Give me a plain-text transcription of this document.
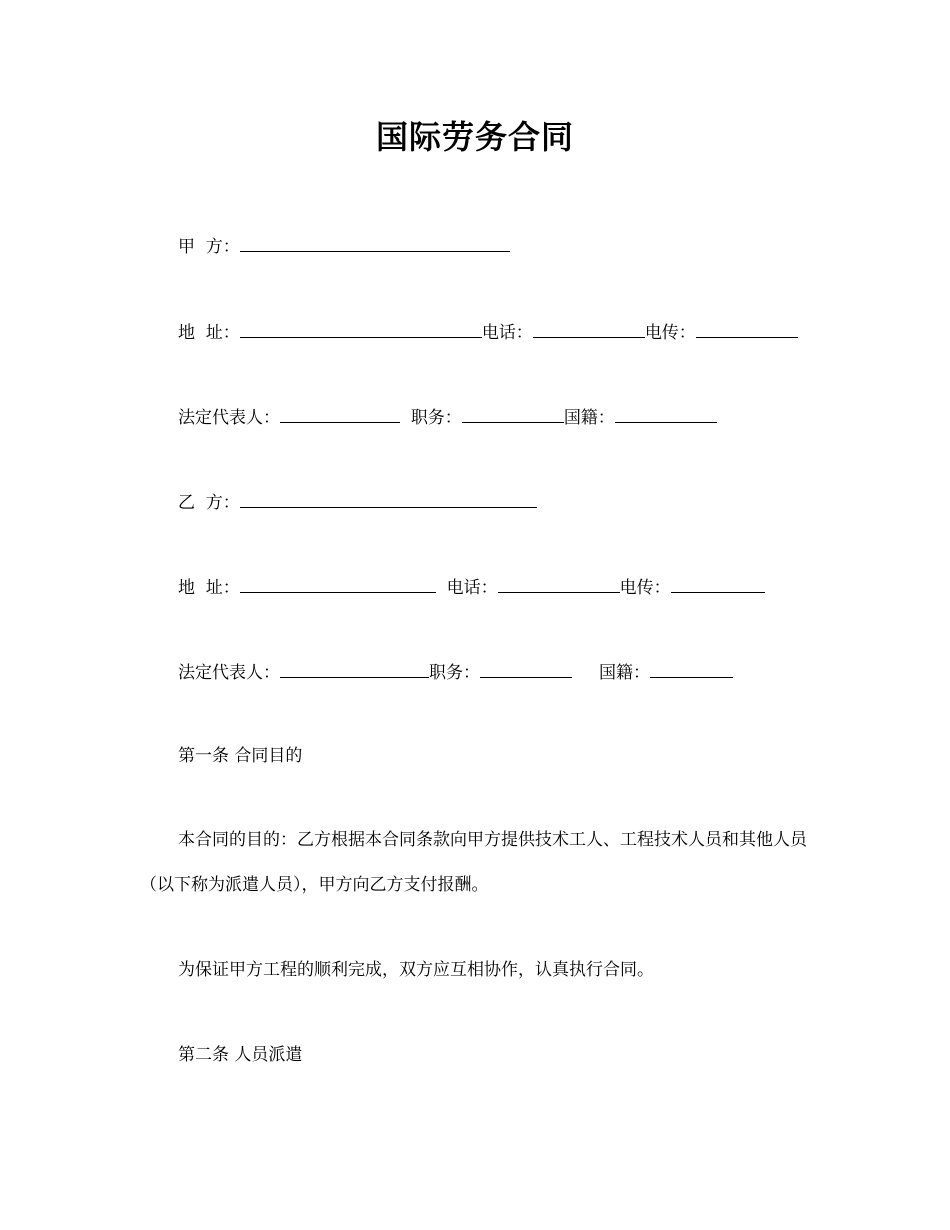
国际劳务合同
甲  方：
地  址：	电话：	电传：
法定代表人：	职务：	国籍：
乙  方：
地  址：	电话：	电传：
法定代表人：	职务：	国籍：
第一条 合同目的
本合同的目的：乙方根据本合同条款向甲方提供技术工人、工程技术人员和其他人员（以下称为派遣人员），甲方向乙方支付报酬。
为保证甲方工程的顺利完成，双方应互相协作，认真执行合同。
第二条 人员派遣
